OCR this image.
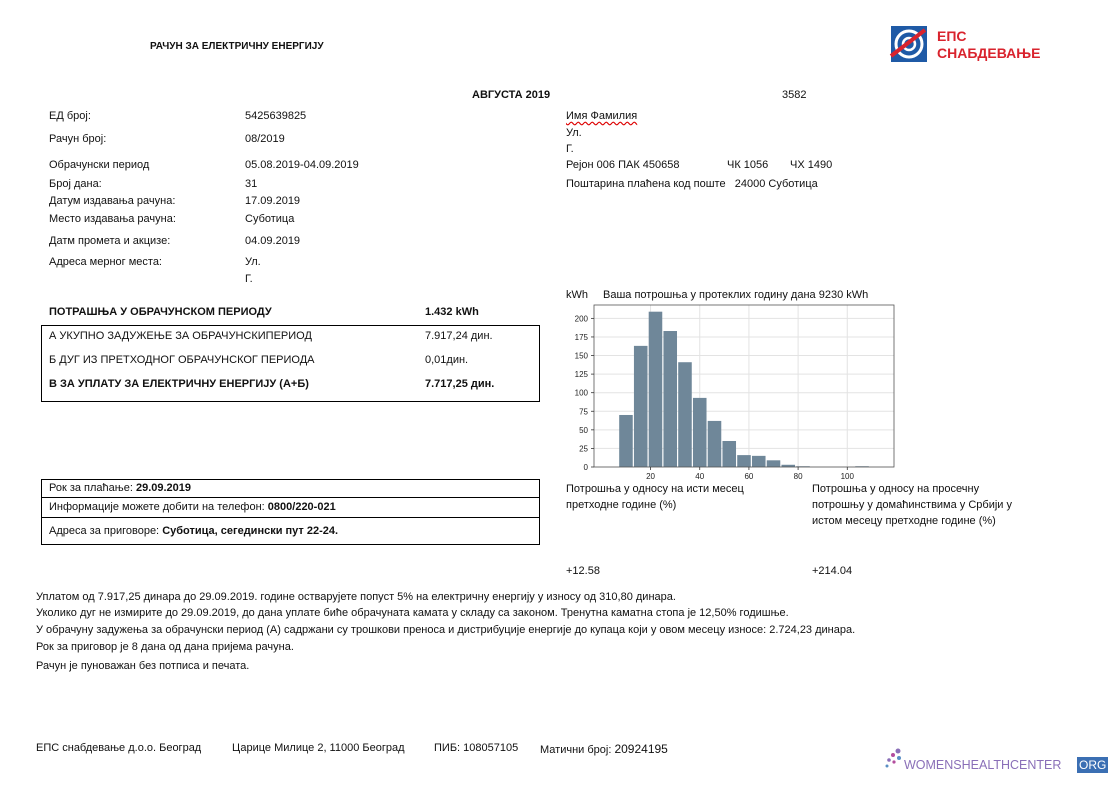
РАЧУН ЗА ЕЛЕКТРИЧНУ ЕНЕРГИЈУ
ЕПС
СНАБДЕВАЊЕ
АВГУСТА 2019	3582
ЕД број:	5425639825
Рачун број:	08/2019
Обрачунски период	05.08.2019-04.09.2019
Број дана:	31
Датум издавања рачуна:	17.09.2019
Место издавања рачуна:	Суботица
Датм промета и акцизе:	04.09.2019
Адреса мерног места:	Ул.
Г.
Имя Фамилия
Ул.
Г.
Рејон 006 ПАК 450658	ЧК 1056 ЧХ 1490
Поштарина плаћена код поште   24000 Суботица
ПОТРАШЊА У ОБРАЧУНСКОМ ПЕРИОДУ	1.432 kWh
А УКУПНО ЗАДУЖЕЊЕ ЗА ОБРАЧУНСКИПЕРИОД	7.917,24 дин.
Б ДУГ ИЗ ПРЕТХОДНОГ ОБРАЧУНСКОГ ПЕРИОДА	0,01дин.
В ЗА УПЛАТУ ЗА ЕЛЕКТРИЧНУ ЕНЕРГИЈУ (А+Б)	7.717,25 дин.
kWh Ваша потрошња у протеклих годину дана 9230 kWh
0
25
50
75
100
125
150
175
200
20	40	60	80	100
Рок за плаћање: 29.09.2019
Информације можете добити на телефон: 0800/220-021
Адреса за приговоре: Суботица, сегедински пут 22-24.
Потрошња у односу на исти месец претходне године (%)
+12.58
Потрошња у односу на просечну потрошњу у домаћинствима у Србији у истом месецу претходне године (%)
+214.04
Уплатом од 7.917,25 динара до 29.09.2019. године остварујете попуст 5% на електричну енергију у износу од 310,80 динара.
Уколико дуг не измирите до 29.09.2019, до дана уплате биће обрачуната камата у складу са законом. Тренутна каматна стопа је 12,50% годишње.
У обрачуну задужења за обрачунски период (А) садржани су трошкови преноса и дистрибуције енергије до купаца који у овом месецу износе: 2.724,23 динара.
Рок за приговор је 8 дана од дана пријема рачуна.
Рачун је пуноважан без потписа и печата.
ЕПС снабдевање д.о.о. Београд	Царице Милице 2, 11000 Београд	ПИБ: 108057105 Матични број: 20924195
WOMENSHEALTHCENTER ORG
